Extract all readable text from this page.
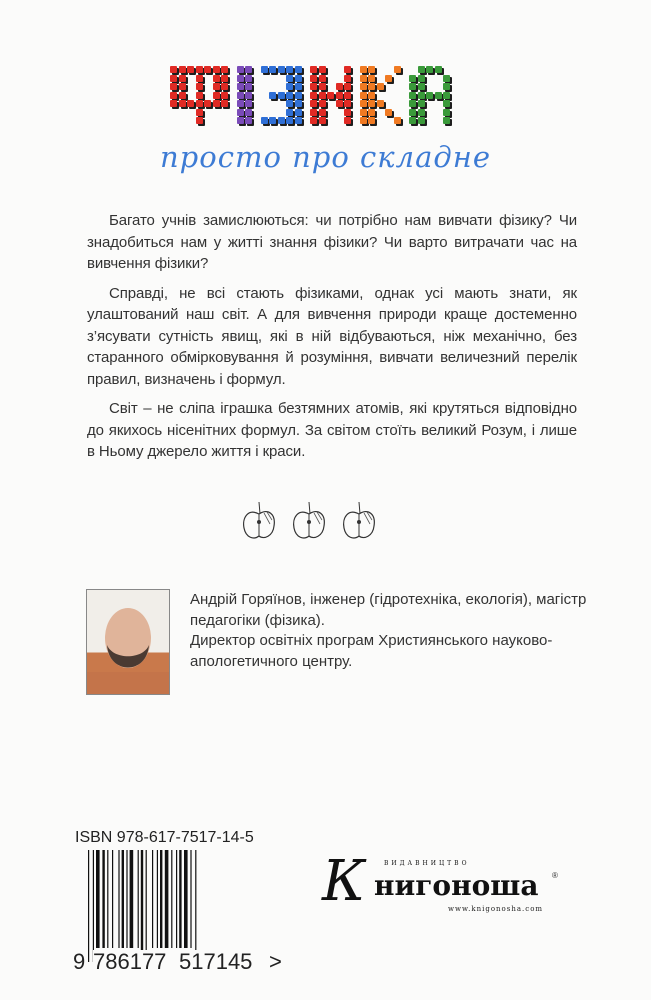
просто про складне

Багато учнів замислюються: чи потрібно нам вивчати фізику? Чи знадобиться нам у житті знання фізики? Чи варто витрачати час на вивчення фізики?

Справді, не всі стають фізиками, однак усі мають знати, як улаштований наш світ. А для вивчення природи краще достеменно з’ясувати сутність явищ, які в ній відбуваються, ніж механічно, без старанного обмірковування й розуміння, вивчати величезний перелік правил, визначень і формул.

Світ – не сліпа іграшка безтямних атомів, які крутяться відповідно до якихось нісенітних формул. За світом стоїть великий Розум, і лише в Ньому джерело життя і краси.

Андрій Горяїнов, інженер (гідротехніка, екологія), магістр педагогіки (фізика).
Директор освітніх програм Християнського науково-апологетичного центру.
ISBN 978-617-7517-14-5
9 786177 517145 >
К	ВИДАВНИЦТВО
нигоноша ®
www.knigonosha.com
